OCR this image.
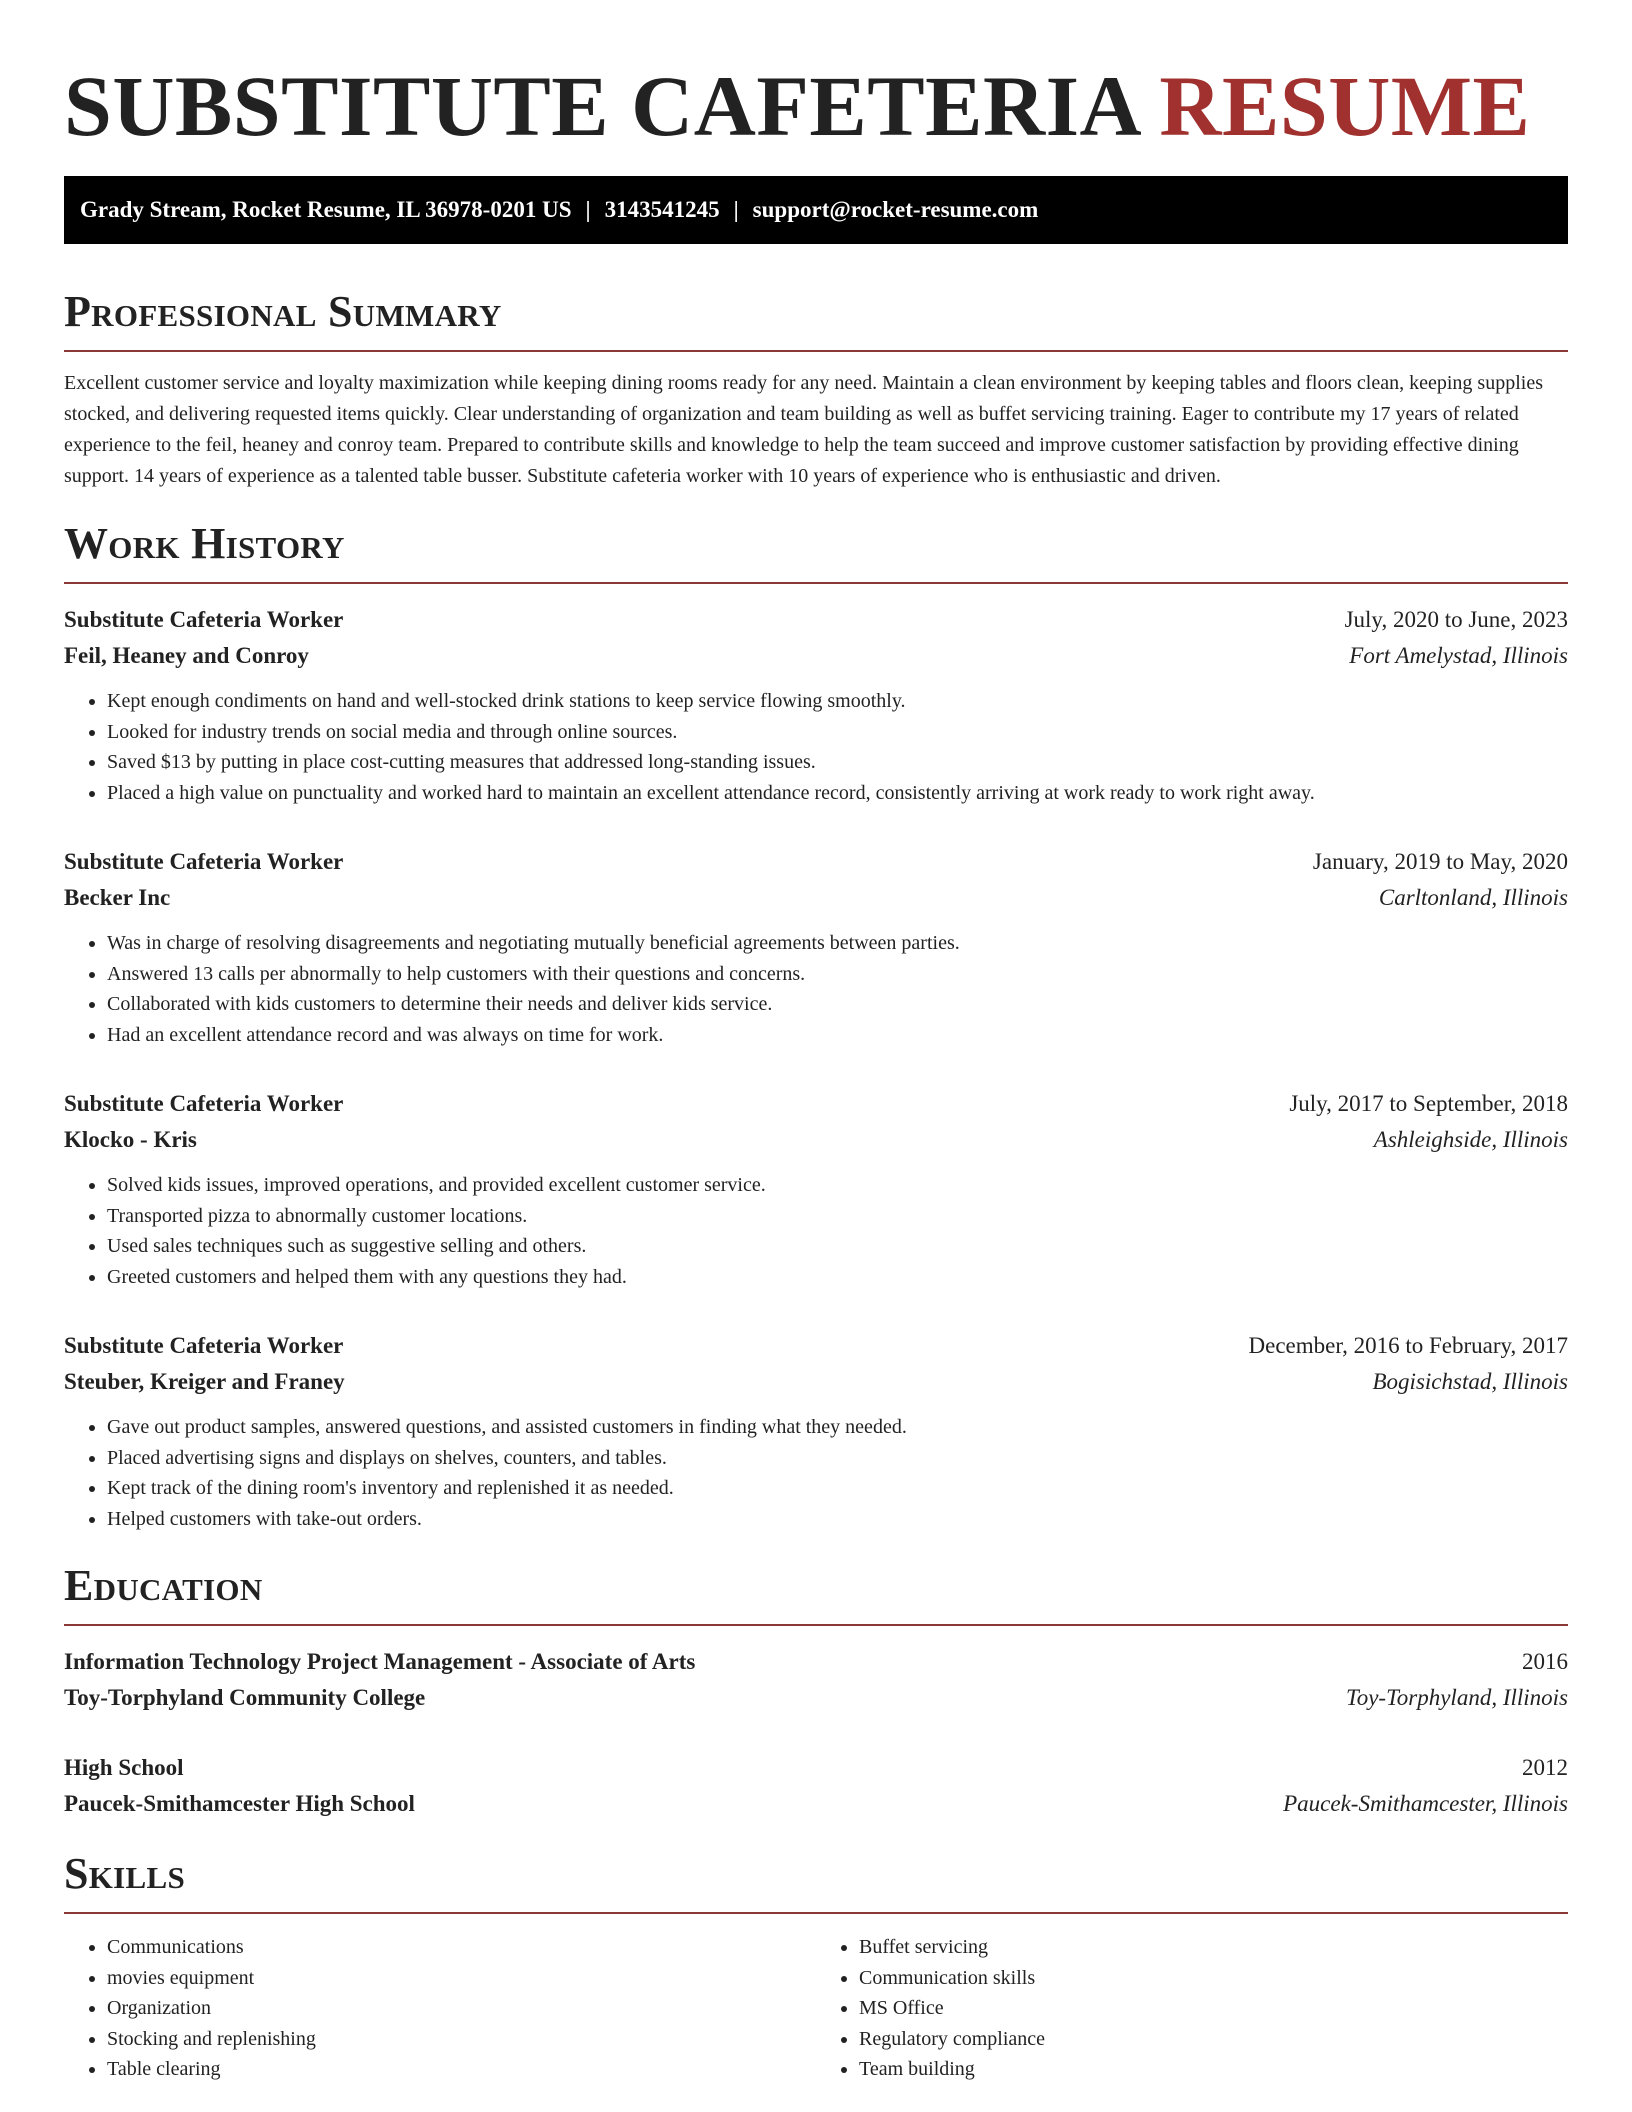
SUBSTITUTE CAFETERIA RESUME
Grady Stream, Rocket Resume, IL 36978-0201 US | 3143541245 | support@rocket-resume.com
Professional Summary

Excellent customer service and loyalty maximization while keeping dining rooms ready for any need. Maintain a clean environment by keeping tables and floors clean, keeping supplies stocked, and delivering requested items quickly. Clear understanding of organization and team building as well as buffet servicing training. Eager to contribute my 17 years of related experience to the feil, heaney and conroy team. Prepared to contribute skills and knowledge to help the team succeed and improve customer satisfaction by providing effective dining support. 14 years of experience as a talented table busser. Substitute cafeteria worker with 10 years of experience who is enthusiastic and driven.

Work History
Substitute Cafeteria Worker	July, 2020 to June, 2023
Feil, Heaney and Conroy	Fort Amelystad, Illinois
• Kept enough condiments on hand and well-stocked drink stations to keep service flowing smoothly.
• Looked for industry trends on social media and through online sources.
• Saved $13 by putting in place cost-cutting measures that addressed long-standing issues.
• Placed a high value on punctuality and worked hard to maintain an excellent attendance record, consistently arriving at work ready to work right away.
Substitute Cafeteria Worker	January, 2019 to May, 2020
Becker Inc	Carltonland, Illinois
• Was in charge of resolving disagreements and negotiating mutually beneficial agreements between parties.
• Answered 13 calls per abnormally to help customers with their questions and concerns.
• Collaborated with kids customers to determine their needs and deliver kids service.
• Had an excellent attendance record and was always on time for work.
Substitute Cafeteria Worker	July, 2017 to September, 2018
Klocko - Kris	Ashleighside, Illinois
• Solved kids issues, improved operations, and provided excellent customer service.
• Transported pizza to abnormally customer locations.
• Used sales techniques such as suggestive selling and others.
• Greeted customers and helped them with any questions they had.
Substitute Cafeteria Worker	December, 2016 to February, 2017
Steuber, Kreiger and Franey	Bogisichstad, Illinois
• Gave out product samples, answered questions, and assisted customers in finding what they needed.
• Placed advertising signs and displays on shelves, counters, and tables.
• Kept track of the dining room's inventory and replenished it as needed.
• Helped customers with take-out orders.
Education
Information Technology Project Management - Associate of Arts	2016
Toy-Torphyland Community College	Toy-Torphyland, Illinois
High School	2012
Paucek-Smithamcester High School	Paucek-Smithamcester, Illinois
Skills
• Communications
• movies equipment
• Organization
• Stocking and replenishing
• Table clearing
• Buffet servicing
• Communication skills
• MS Office
• Regulatory compliance
• Team building
